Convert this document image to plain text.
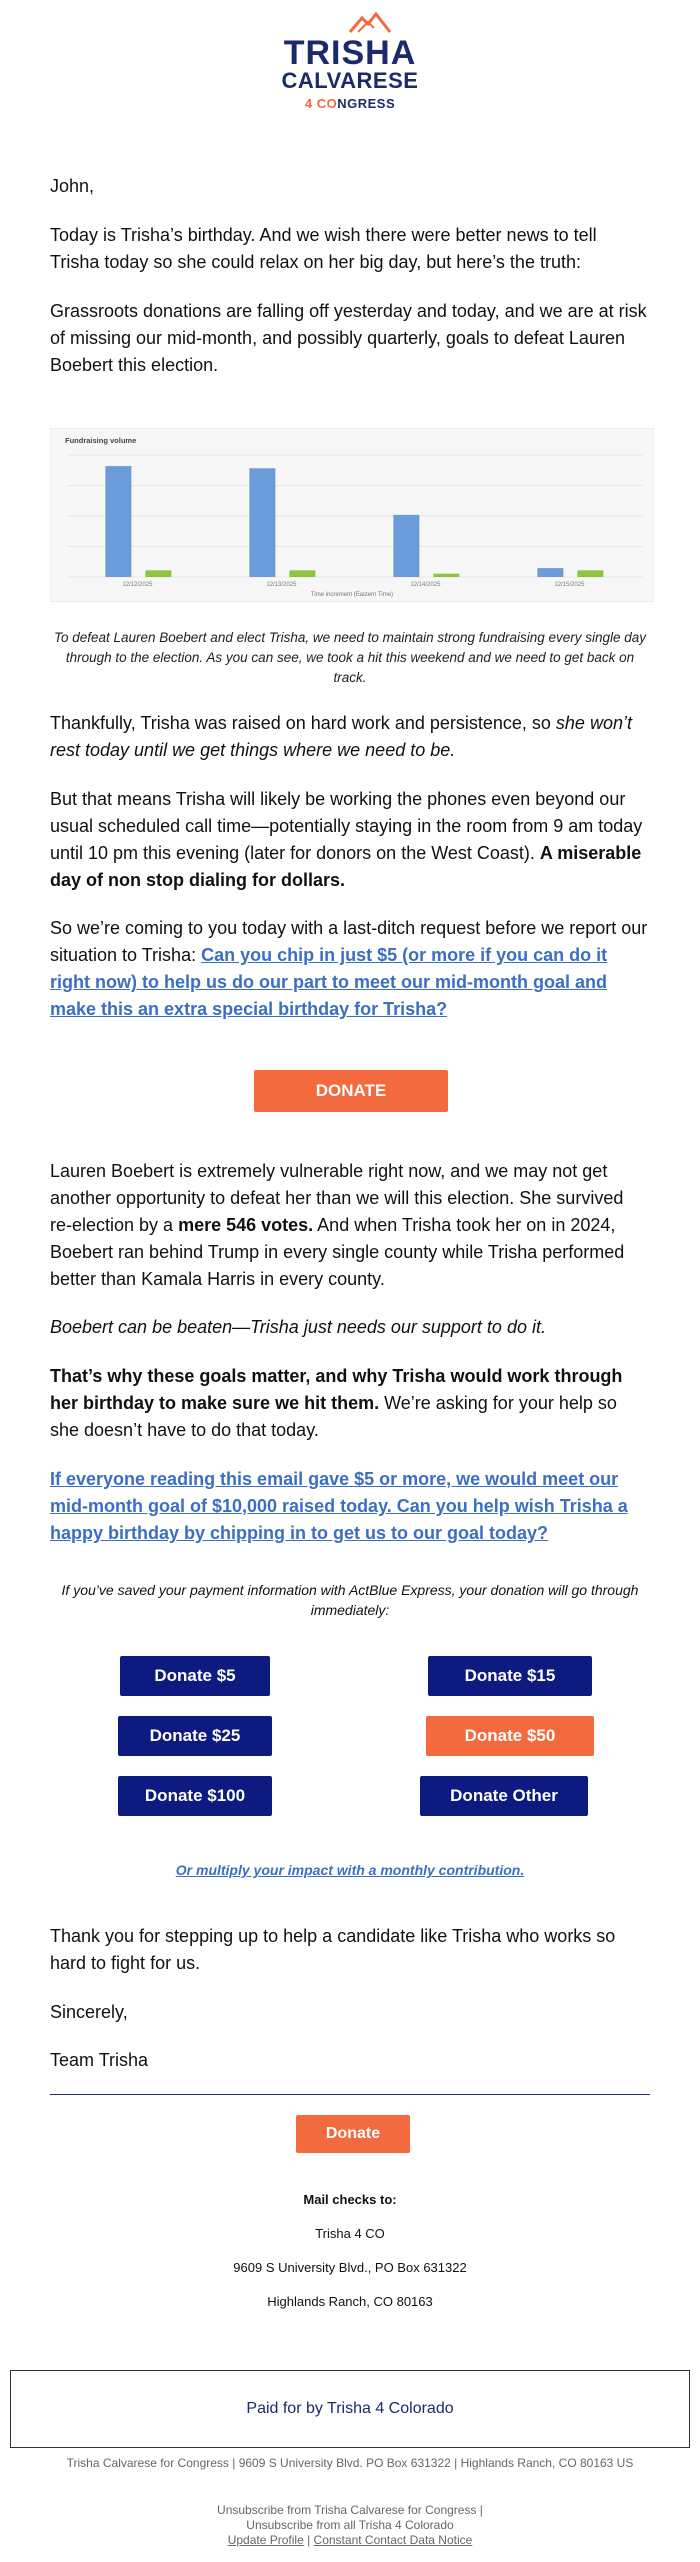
TRISHA
CALVARESE
4 CONGRESS

John,

Today is Trisha’s birthday. And we wish there were better news to tell Trisha today so she could relax on her big day, but here’s the truth:

Grassroots donations are falling off yesterday and today, and we are at risk of missing our mid-month, and possibly quarterly, goals to defeat Lauren Boebert this election.

Fundraising volume
12/12/2025	12/13/2025	12/14/2025	12/15/2025
Time increment (Eastern Time)
To defeat Lauren Boebert and elect Trisha, we need to maintain strong fundraising every single day through to the election. As you can see, we took a hit this weekend and we need to get back on track.

Thankfully, Trisha was raised on hard work and persistence, so she won’t rest today until we get things where we need to be.

But that means Trisha will likely be working the phones even beyond our usual scheduled call time—potentially staying in the room from 9 am today until 10 pm this evening (later for donors on the West Coast). A miserable day of non stop dialing for dollars.

So we’re coming to you today with a last-ditch request before we report our situation to Trisha: Can you chip in just $5 (or more if you can do it right now) to help us do our part to meet our mid-month goal and make this an extra special birthday for Trisha?

DONATE

Lauren Boebert is extremely vulnerable right now, and we may not get another opportunity to defeat her than we will this election. She survived re-election by a mere 546 votes. And when Trisha took her on in 2024, Boebert ran behind Trump in every single county while Trisha performed better than Kamala Harris in every county.

Boebert can be beaten—Trisha just needs our support to do it.

That’s why these goals matter, and why Trisha would work through her birthday to make sure we hit them. We’re asking for your help so she doesn’t have to do that today.

If everyone reading this email gave $5 or more, we would meet our mid-month goal of $10,000 raised today. Can you help wish Trisha a happy birthday by chipping in to get us to our goal today?

If you’ve saved your payment information with ActBlue Express, your donation will go through immediately:
Donate $5	Donate $15
Donate $25	Donate $50
Donate $100	Donate Other
Or multiply your impact with a monthly contribution.

Thank you for stepping up to help a candidate like Trisha who works so hard to fight for us.

Sincerely,

Team Trisha

Donate
Mail checks to:
Trisha 4 CO
9609 S University Blvd., PO Box 631322
Highlands Ranch, CO 80163
Paid for by Trisha 4 Colorado
Trisha Calvarese for Congress | 9609 S University Blvd. PO Box 631322 | Highlands Ranch, CO 80163 US
Unsubscribe from Trisha Calvarese for Congress |
Unsubscribe from all Trisha 4 Colorado
Update Profile | Constant Contact Data Notice
